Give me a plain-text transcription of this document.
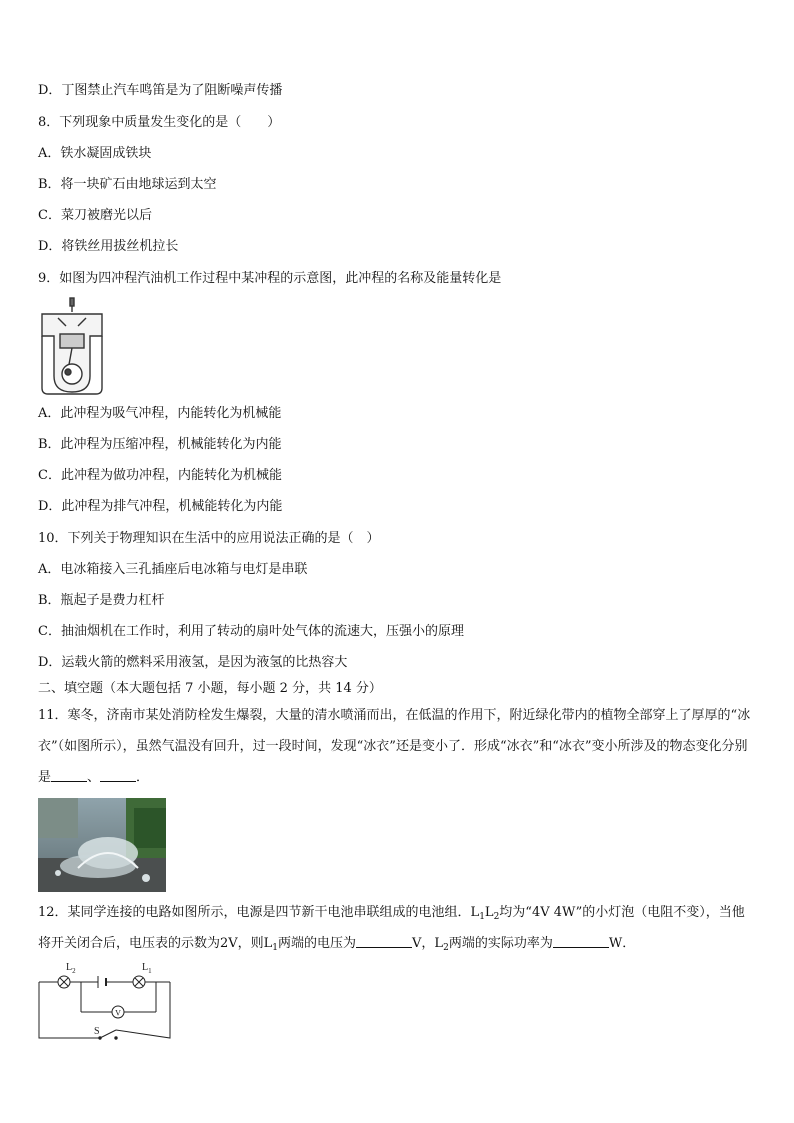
D．丁图禁止汽车鸣笛是为了阻断噪声传播
8．下列现象中质量发生变化的是（　　）
A．铁水凝固成铁块
B．将一块矿石由地球运到太空
C．菜刀被磨光以后
D．将铁丝用拔丝机拉长
9．如图为四冲程汽油机工作过程中某冲程的示意图，此冲程的名称及能量转化是
A．此冲程为吸气冲程，内能转化为机械能
B．此冲程为压缩冲程，机械能转化为内能
C．此冲程为做功冲程，内能转化为机械能
D．此冲程为排气冲程，机械能转化为内能
10．下列关于物理知识在生活中的应用说法正确的是（　）
A．电冰箱接入三孔插座后电冰箱与电灯是串联
B．瓶起子是费力杠杆
C．抽油烟机在工作时，利用了转动的扇叶处气体的流速大，压强小的原理
D．运载火箭的燃料采用液氢，是因为液氢的比热容大
二、填空题（本大题包括 7 小题，每小题 2 分，共 14 分）
11．寒冬，济南市某处消防栓发生爆裂，大量的清水喷涌而出，在低温的作用下，附近绿化带内的植物全部穿上了厚厚的“冰衣”（如图所示），虽然气温没有回升，过一段时间，发现“冰衣”还是变小了．形成“冰衣”和“冰衣”变小所涉及的物态变化分别是	、	．
12．某同学连接的电路如图所示，电源是四节新干电池串联组成的电池组．$L_1L_2$均为“4V 4W”的小灯泡（电阻不变），当他将开关闭合后，电压表的示数为2V，则$L_1$两端的电压为	V，$L_2$两端的实际功率为	W．
V
$L_2$	$L_1$
S
